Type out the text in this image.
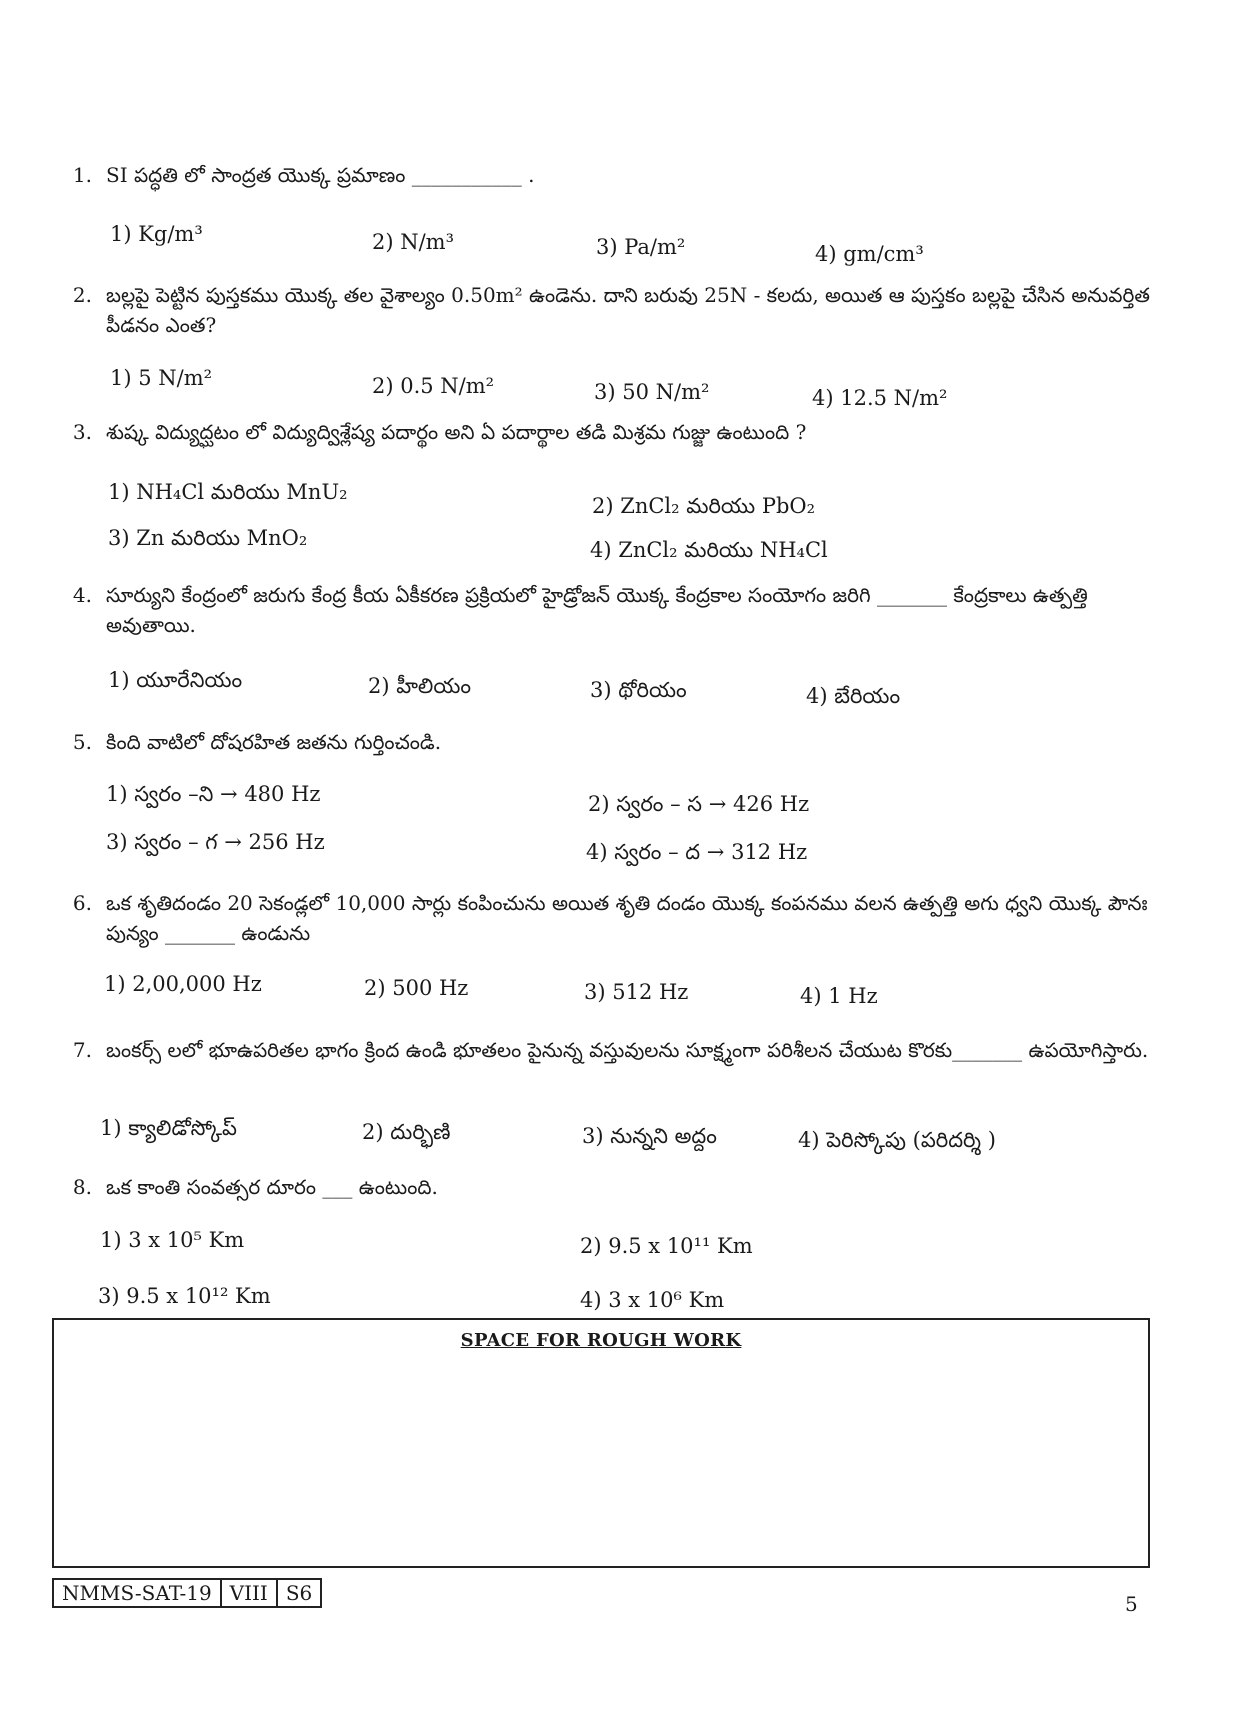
1. SI పద్ధతి లో సాంద్రత యొక్క ప్రమాణం ___________ .
1) Kg/m³	2) N/m³	3) Pa/m²	4) gm/cm³
2. బల్లపై పెట్టిన పుస్తకము యొక్క తల వైశాల్యం 0.50m² ఉండెను. దాని బరువు 25N - కలదు, అయిత ఆ పుస్తకం బల్లపై చేసిన అనువర్తిత పీడనం ఎంత?
1) 5 N/m²	2) 0.5 N/m²	3) 50 N/m²	4) 12.5 N/m²
3. శుష్క విద్యుద్ఘటం లో విద్యుద్విశ్లేష్య పదార్థం అని ఏ పదార్థాల తడి మిశ్రమ గుజ్జు ఉంటుంది ?
1) NH₄Cl మరియు MnU₂
2) ZnCl₂ మరియు PbO₂
3) Zn మరియు MnO₂	4) ZnCl₂ మరియు NH₄Cl
4. సూర్యుని కేంద్రంలో జరుగు కేంద్ర కీయ ఏకీకరణ ప్రక్రియలో హైడ్రోజన్ యొక్క కేంద్రకాల సంయోగం జరిగి _______ కేంద్రకాలు ఉత్పత్తి అవుతాయి.
1) యూరేనియం	2) హీలియం	3) థోరియం	4) బేరియం
5. కింది వాటిలో దోషరహిత జతను గుర్తించండి.
1) స్వరం –ని → 480 Hz	2) స్వరం – స → 426 Hz
3) స్వరం – గ → 256 Hz	4) స్వరం – ద → 312 Hz
6. ఒక శృతిదండం 20 సెకండ్లలో 10,000 సార్లు కంపించును అయిత శృతి దండం యొక్క కంపనము వలన ఉత్పత్తి అగు ధ్వని యొక్క పౌనః పున్యం _______ ఉండును
1) 2,00,000 Hz	2) 500 Hz	3) 512 Hz	4) 1 Hz
7. బంకర్స్ లలో భూఉపరితల భాగం క్రింద ఉండి భూతలం పైనున్న వస్తువులను సూక్ష్మంగా పరిశీలన చేయుట కొరకు_______ ఉపయోగిస్తారు.
1) క్యాలిడోస్కోప్	2) దుర్భిణి	3) నున్నని అద్దం	4) పెరిస్కోపు (పరిదర్శి )
8. ఒక కాంతి సంవత్సర దూరం ___ ఉంటుంది.
1) 3 x 10⁵ Km	2) 9.5 x 10¹¹ Km
3) 9.5 x 10¹² Km	4) 3 x 10⁶ Km
SPACE FOR ROUGH WORK
NMMS-SAT-19 VIII S6	5
